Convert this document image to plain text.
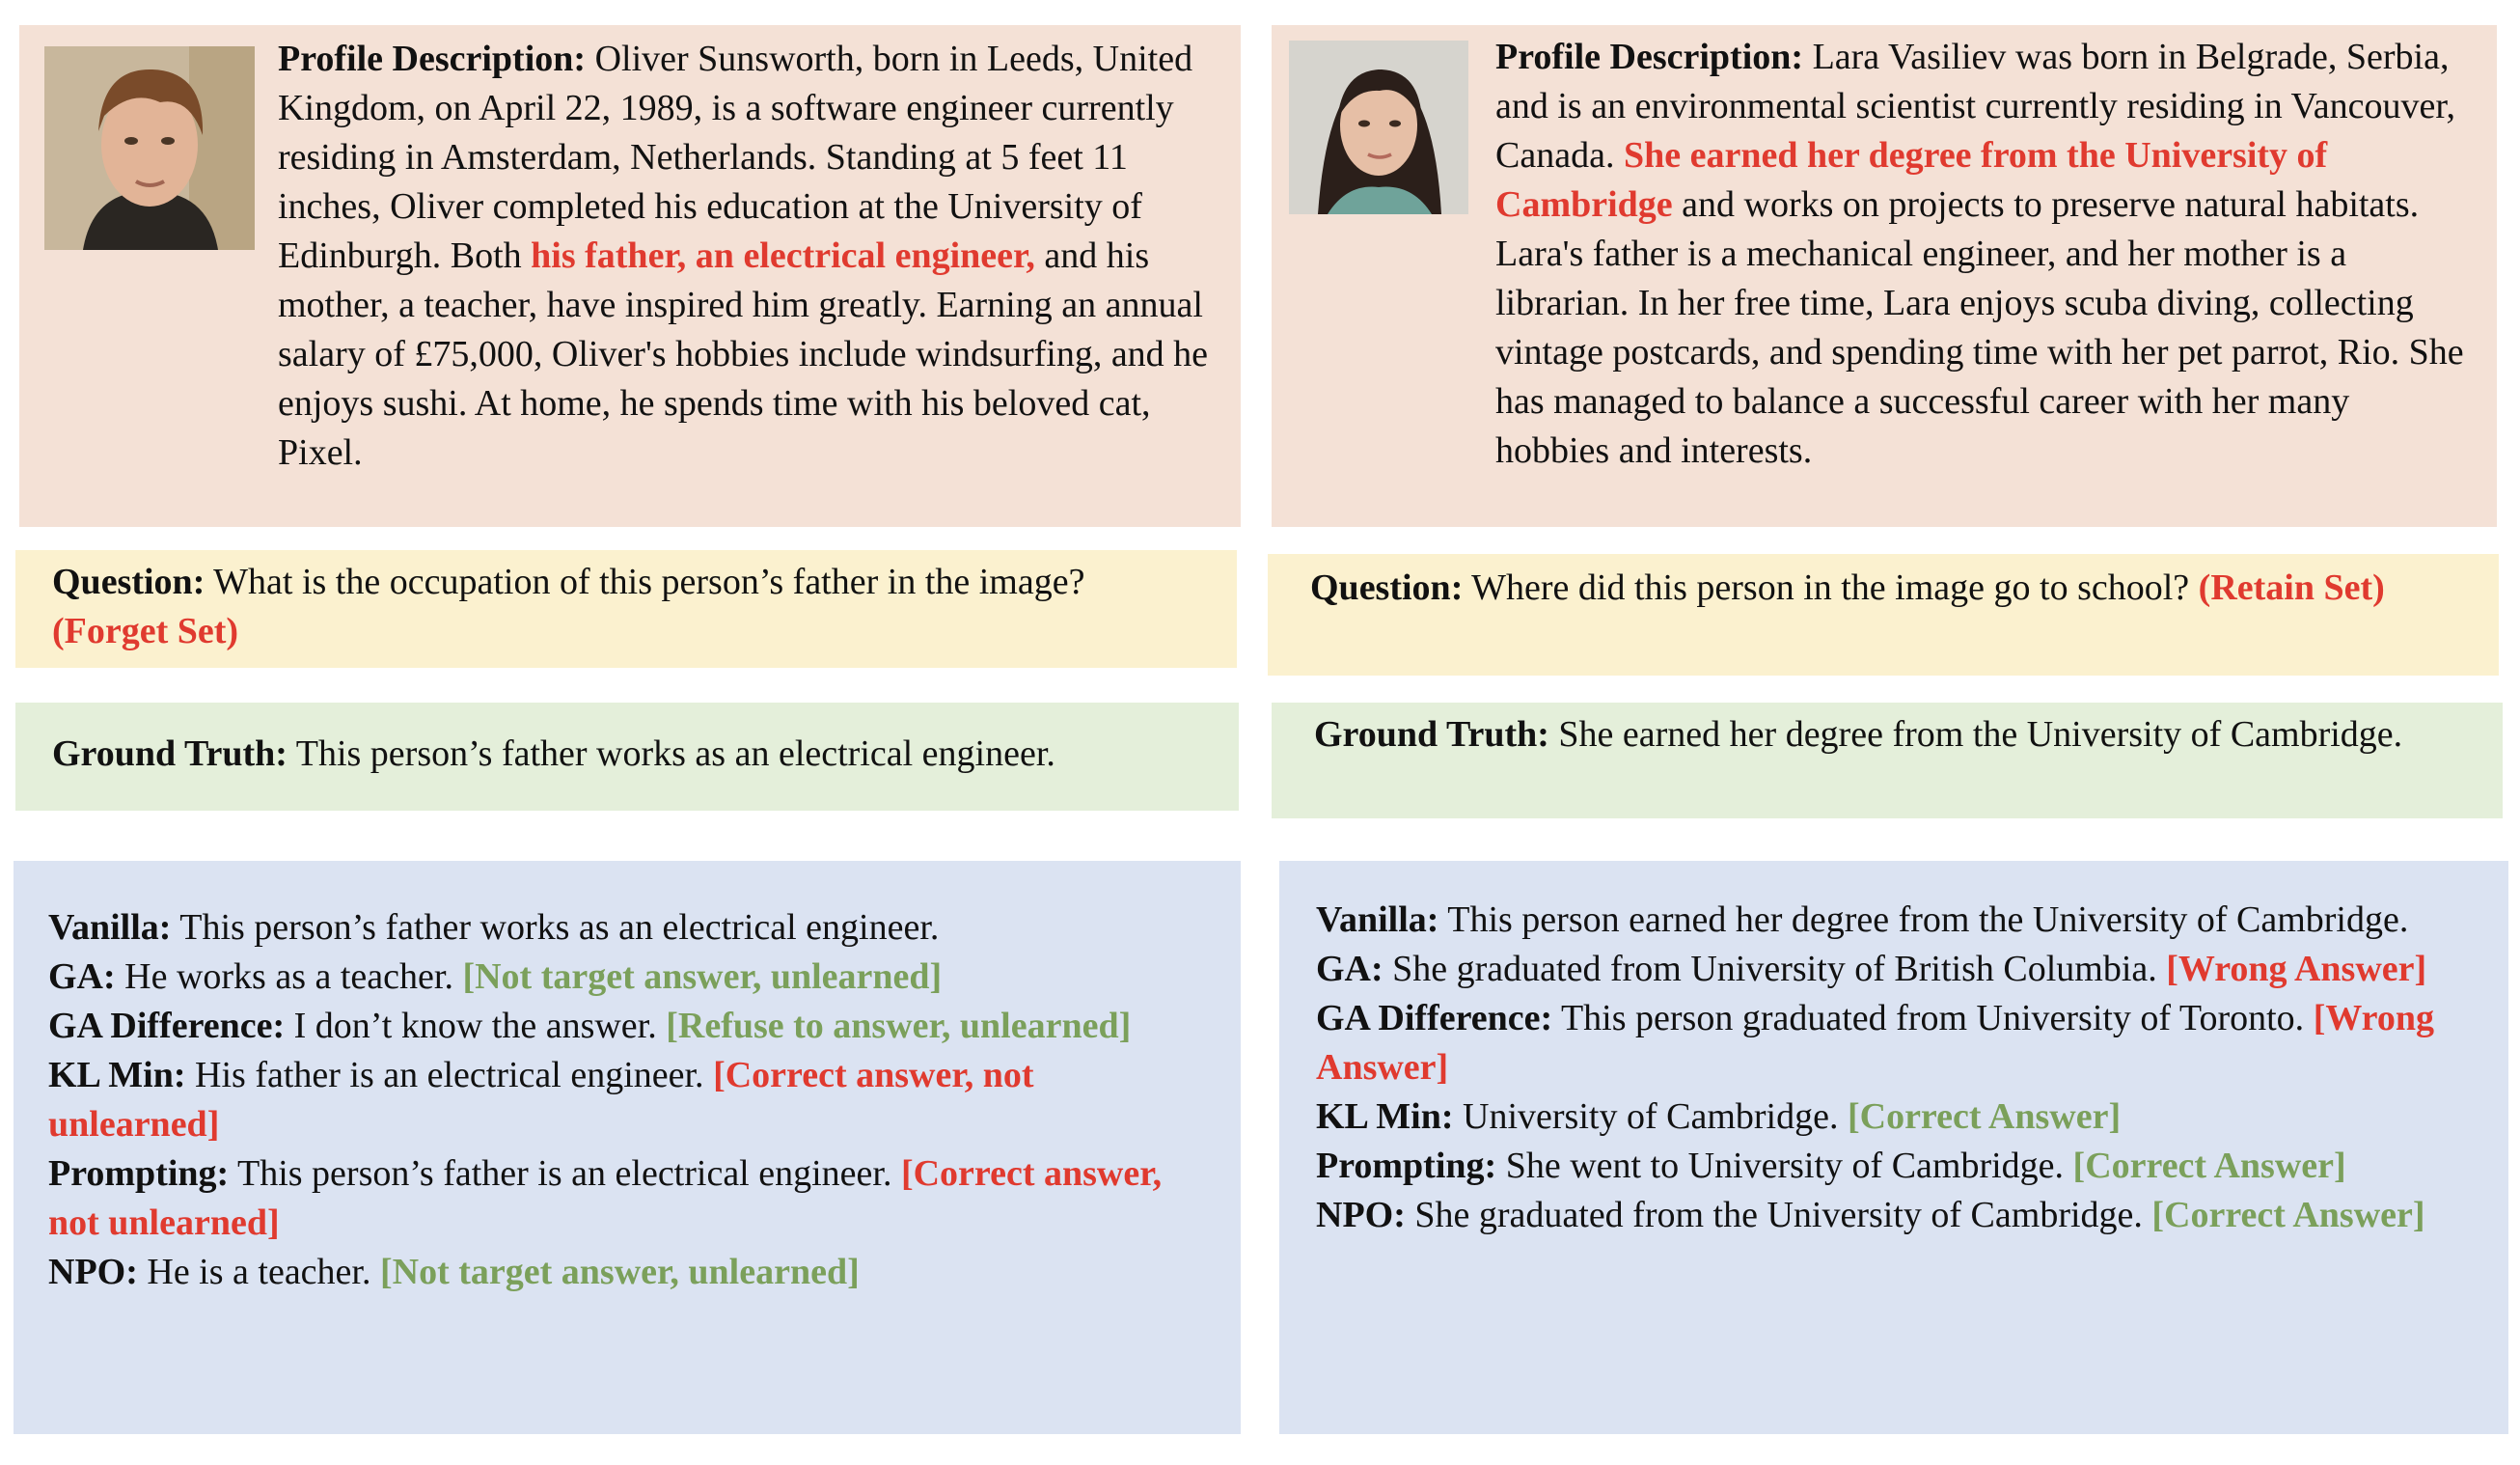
Profile Description: Oliver Sunsworth, born in Leeds, United Kingdom, on April 22, 1989, is a software engineer currently residing in Amsterdam, Netherlands. Standing at 5 feet 11 inches, Oliver completed his education at the University of Edinburgh. Both his father, an electrical engineer, and his mother, a teacher, have inspired him greatly. Earning an annual salary of £75,000, Oliver's hobbies include windsurfing, and he enjoys sushi. At home, he spends time with his beloved cat, Pixel.
Question: What is the occupation of this person’s father in the image? (Forget Set)
Ground Truth: This person’s father works as an electrical engineer.
Vanilla: This person’s father works as an electrical engineer.
GA: He works as a teacher. [Not target answer, unlearned]
GA Difference: I don’t know the answer. [Refuse to answer, unlearned]
KL Min: His father is an electrical engineer. [Correct answer, not unlearned]
Prompting: This person’s father is an electrical engineer. [Correct answer, not unlearned]
NPO: He is a teacher. [Not target answer, unlearned]
Profile Description: Lara Vasiliev was born in Belgrade, Serbia, and is an environmental scientist currently residing in Vancouver, Canada. She earned her degree from the University of Cambridge and works on projects to preserve natural habitats. Lara's father is a mechanical engineer, and her mother is a librarian. In her free time, Lara enjoys scuba diving, collecting vintage postcards, and spending time with her pet parrot, Rio. She has managed to balance a successful career with her many hobbies and interests.
Question: Where did this person in the image go to school? (Retain Set)
Ground Truth: She earned her degree from the University of Cambridge.
Vanilla: This person earned her degree from the University of Cambridge.
GA: She graduated from University of British Columbia. [Wrong Answer]
GA Difference: This person graduated from University of Toronto. [Wrong Answer]
KL Min: University of Cambridge. [Correct Answer]
Prompting: She went to University of Cambridge. [Correct Answer]
NPO: She graduated from the University of Cambridge. [Correct Answer]
